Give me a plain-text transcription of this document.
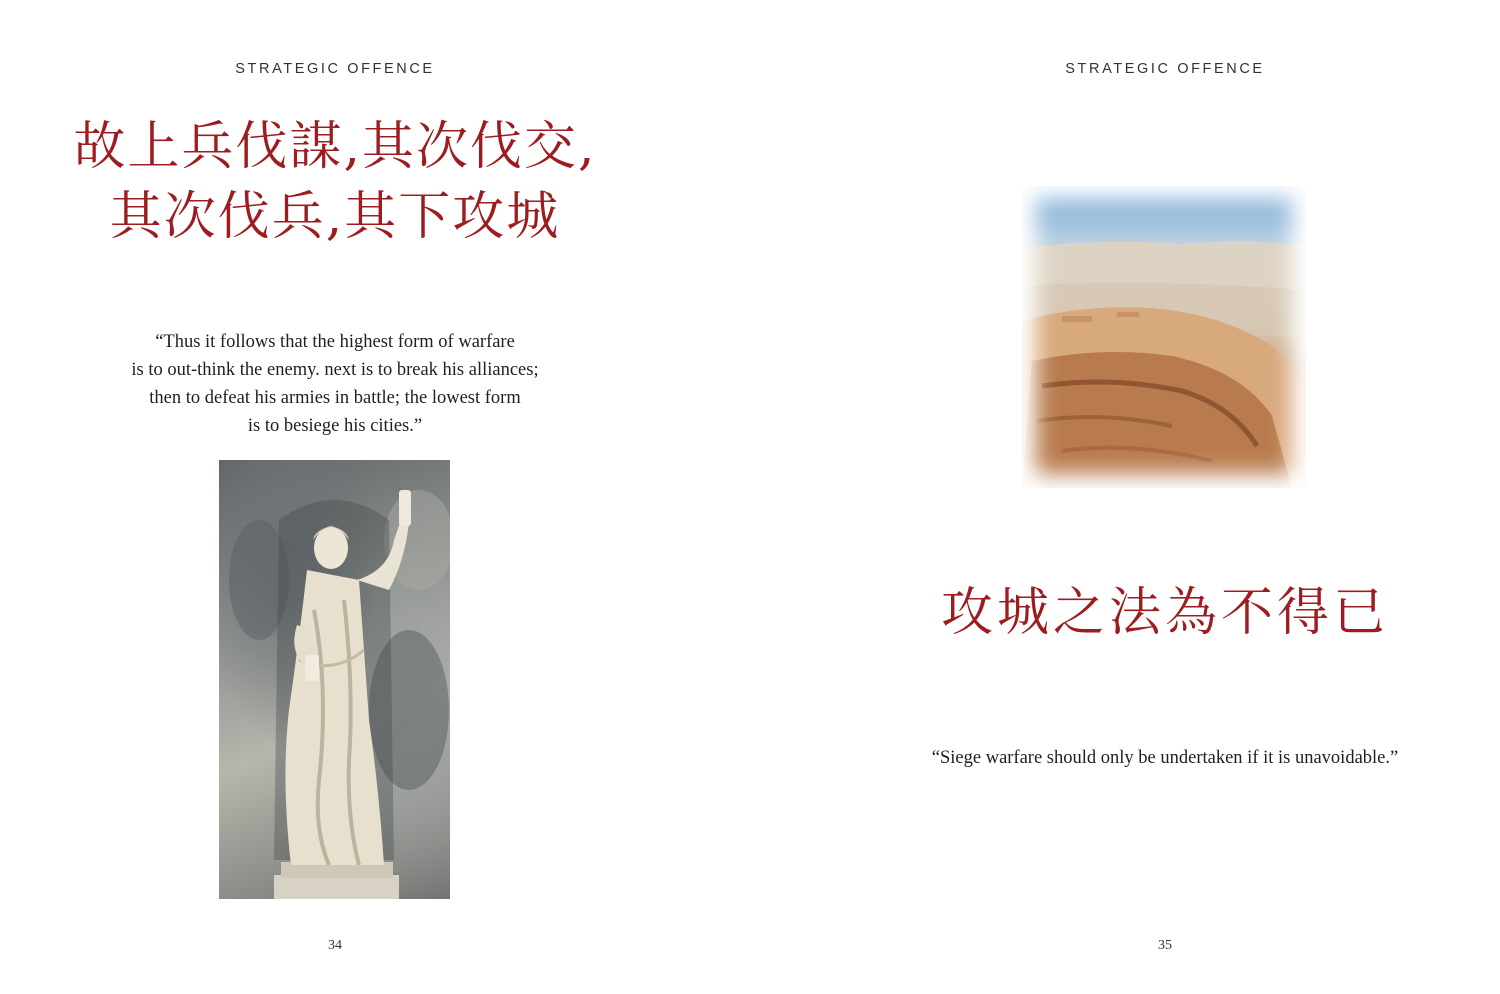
STRATEGIC OFFENCE
故上兵伐謀,其次伐交,
其次伐兵,其下攻城
“Thus it follows that the highest form of warfare
is to out-think the enemy. next is to break his alliances;
then to defeat his armies in battle; the lowest form
is to besiege his cities.”
34
STRATEGIC OFFENCE
攻城之法為不得已
“Siege warfare should only be undertaken if it is unavoidable.”
35
